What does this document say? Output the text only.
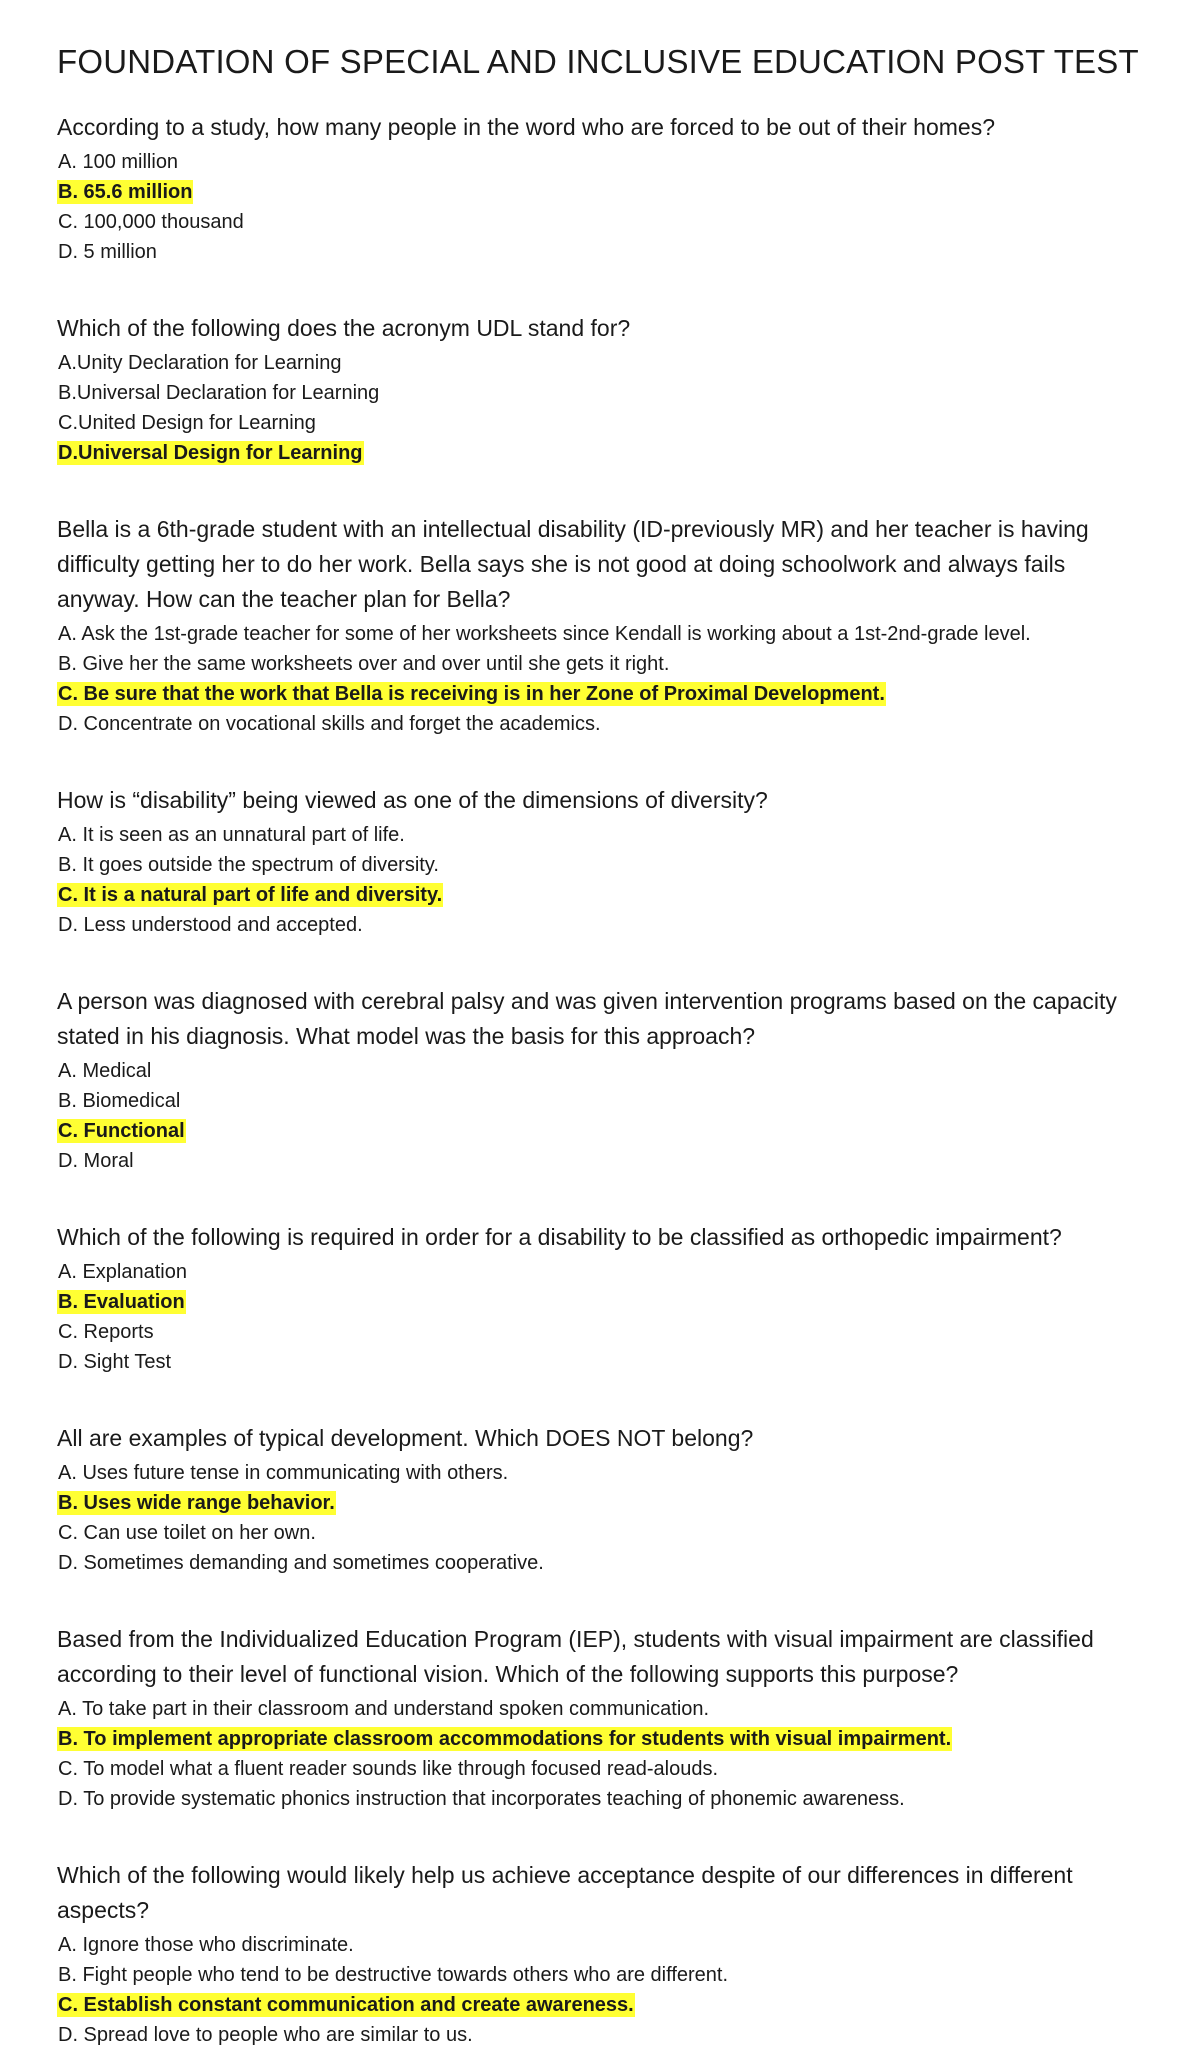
FOUNDATION OF SPECIAL AND INCLUSIVE EDUCATION POST TEST

According to a study, how many people in the word who are forced to be out of their homes?

A. 100 million
B. 65.6 million
C. 100,000 thousand
D. 5 million

Which of the following does the acronym UDL stand for?

A.Unity Declaration for Learning
B.Universal Declaration for Learning
C.United Design for Learning
D.Universal Design for Learning

Bella is a 6th-grade student with an intellectual disability (ID-previously MR) and her teacher is having difficulty getting her to do her work. Bella says she is not good at doing schoolwork and always fails anyway. How can the teacher plan for Bella?

A. Ask the 1st-grade teacher for some of her worksheets since Kendall is working about a 1st-2nd-grade level.
B. Give her the same worksheets over and over until she gets it right.
C. Be sure that the work that Bella is receiving is in her Zone of Proximal Development.
D. Concentrate on vocational skills and forget the academics.

How is “disability” being viewed as one of the dimensions of diversity?

A. It is seen as an unnatural part of life.
B. It goes outside the spectrum of diversity.
C. It is a natural part of life and diversity.
D. Less understood and accepted.

A person was diagnosed with cerebral palsy and was given intervention programs based on the capacity stated in his diagnosis. What model was the basis for this approach?

A. Medical
B. Biomedical
C. Functional
D. Moral

Which of the following is required in order for a disability to be classified as orthopedic impairment?

A. Explanation
B. Evaluation
C. Reports
D. Sight Test

All are examples of typical development. Which DOES NOT belong?

A. Uses future tense in communicating with others.
B. Uses wide range behavior.
C. Can use toilet on her own.
D. Sometimes demanding and sometimes cooperative.

Based from the Individualized Education Program (IEP), students with visual impairment are classified according to their level of functional vision. Which of the following supports this purpose?

A. To take part in their classroom and understand spoken communication.
B. To implement appropriate classroom accommodations for students with visual impairment.
C. To model what a fluent reader sounds like through focused read-alouds.
D. To provide systematic phonics instruction that incorporates teaching of phonemic awareness.

Which of the following would likely help us achieve acceptance despite of our differences in different aspects?

A. Ignore those who discriminate.
B. Fight people who tend to be destructive towards others who are different.
C. Establish constant communication and create awareness.
D. Spread love to people who are similar to us.
